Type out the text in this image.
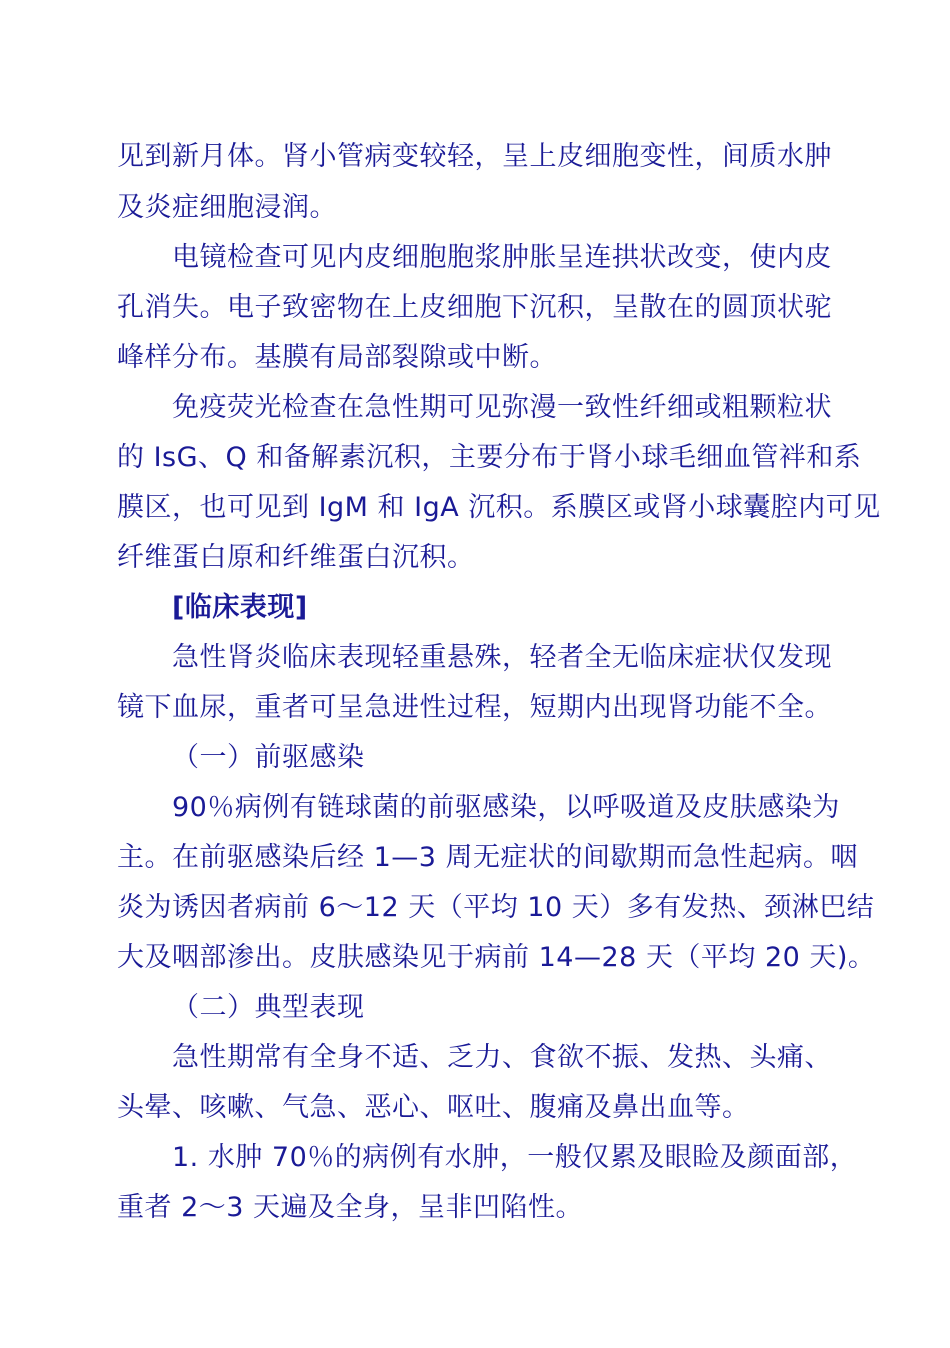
见到新月体。肾小管病变较轻，呈上皮细胞变性，间质水肿
及炎症细胞浸润。
电镜检查可见内皮细胞胞浆肿胀呈连拱状改变，使内皮
孔消失。电子致密物在上皮细胞下沉积，呈散在的圆顶状驼
峰样分布。基膜有局部裂隙或中断。
免疫荧光检查在急性期可见弥漫一致性纤细或粗颗粒状
的 IsG、Q 和备解素沉积，主要分布于肾小球毛细血管袢和系
膜区，也可见到 IgM 和 IgA 沉积。系膜区或肾小球囊腔内可见
纤维蛋白原和纤维蛋白沉积。
[临床表现]
急性肾炎临床表现轻重悬殊，轻者全无临床症状仅发现
镜下血尿，重者可呈急进性过程，短期内出现肾功能不全。
（一）前驱感染
90％病例有链球菌的前驱感染，以呼吸道及皮肤感染为
主。在前驱感染后经 1—3 周无症状的间歇期而急性起病。咽
炎为诱因者病前 6～12 天（平均 10 天）多有发热、颈淋巴结
大及咽部渗出。皮肤感染见于病前 14—28 天（平均 20 天)。
（二）典型表现
急性期常有全身不适、乏力、食欲不振、发热、头痛、
头晕、咳嗽、气急、恶心、呕吐、腹痛及鼻出血等。
1. 水肿 70％的病例有水肿，一般仅累及眼睑及颜面部，
重者 2～3 天遍及全身，呈非凹陷性。
